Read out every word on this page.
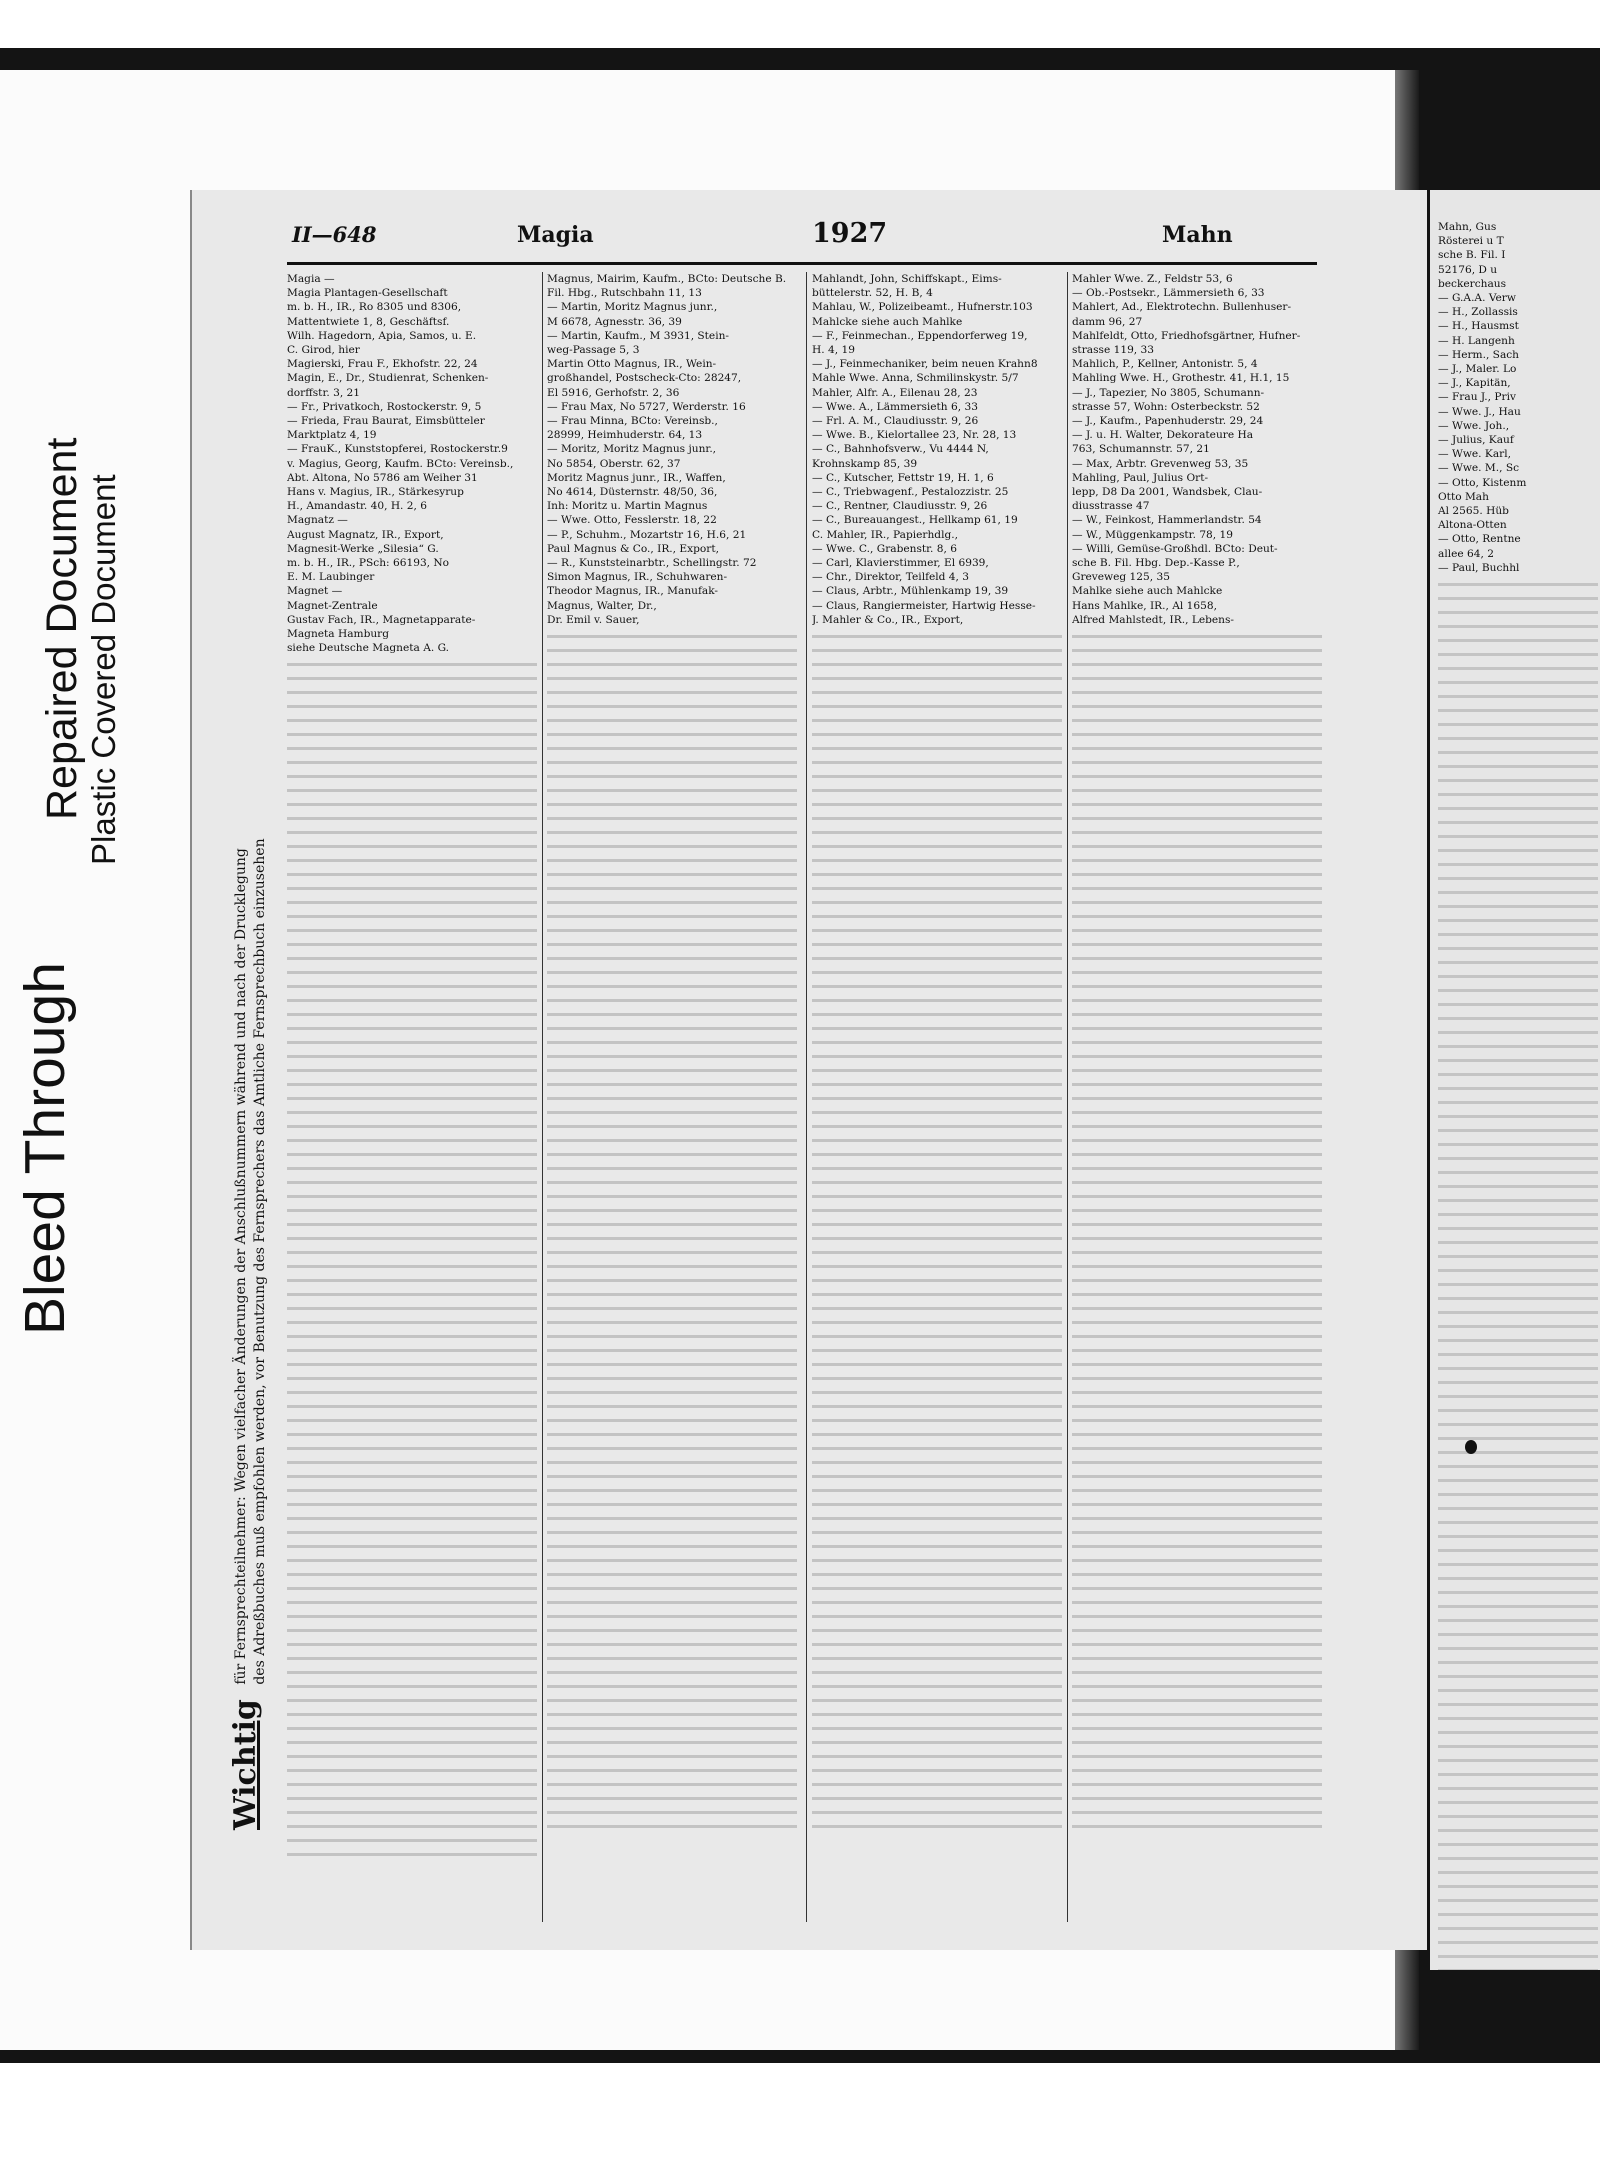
Bleed Through
Repaired Document Plastic Covered Document
II—648	Magia	1927	Mahn
Wichtig
für Fernsprechteilnehmer: Wegen vielfacher Änderungen der Anschlußnummern während und nach der Drucklegung des Adreßbuches muß empfohlen werden, vor Benutzung des Fernsprechers das Amtliche Fernsprechbuch einzusehen
Magia —
Magia Plantagen-Gesellschaft
m. b. H., IR., Ro 8305 und 8306,
Mattentwiete 1, 8, Geschäftsf.
Wilh. Hagedorn, Apia, Samos, u. E.
C. Girod, hier
Magierski, Frau F., Ekhofstr. 22, 24
Magin, E., Dr., Studienrat, Schenken-
dorffstr. 3, 21
— Fr., Privatkoch, Rostockerstr. 9, 5
— Frieda, Frau Baurat, Eimsbütteler
Marktplatz 4, 19
— FrauK., Kunststopferei, Rostockerstr.9
v. Magius, Georg, Kaufm. BCto: Vereinsb.,
Abt. Altona, No 5786 am Weiher 31
Hans v. Magius, IR., Stärkesyrup
H., Amandastr. 40, H. 2, 6
Magnatz —
August Magnatz, IR., Export,
Magnesit-Werke „Silesia“ G.
m. b. H., IR., PSch: 66193, No
E. M. Laubinger
Magnet —
Magnet-Zentrale
Gustav Fach, IR., Magnetapparate-
Magneta Hamburg
siehe Deutsche Magneta A. G.
Magnus, Mairim, Kaufm., BCto: Deutsche B.
Fil. Hbg., Rutschbahn 11, 13
— Martin, Moritz Magnus junr.,
M 6678, Agnesstr. 36, 39
— Martin, Kaufm., M 3931, Stein-
weg-Passage 5, 3
Martin Otto Magnus, IR., Wein-
großhandel, Postscheck-Cto: 28247,
El 5916, Gerhofstr. 2, 36
— Frau Max, No 5727, Werderstr. 16
— Frau Minna, BCto: Vereinsb.,
28999, Heimhuderstr. 64, 13
— Moritz, Moritz Magnus junr.,
No 5854, Oberstr. 62, 37
Moritz Magnus junr., IR., Waffen,
No 4614, Düsternstr. 48/50, 36,
Inh: Moritz u. Martin Magnus
— Wwe. Otto, Fesslerstr. 18, 22
— P., Schuhm., Mozartstr 16, H.6, 21
Paul Magnus & Co., IR., Export,
— R., Kunststeinarbtr., Schellingstr. 72
Simon Magnus, IR., Schuhwaren-
Theodor Magnus, IR., Manufak-
Magnus, Walter, Dr.,
Dr. Emil v. Sauer,
Mahlandt, John, Schiffskapt., Eims-
büttelerstr. 52, H. B, 4
Mahlau, W., Polizeibeamt., Hufnerstr.103
Mahlcke siehe auch Mahlke
— F., Feinmechan., Eppendorferweg 19,
H. 4, 19
— J., Feinmechaniker, beim neuen Krahn8
Mahle Wwe. Anna, Schmilinskystr. 5/7
Mahler, Alfr. A., Eilenau 28, 23
— Wwe. A., Lämmersieth 6, 33
— Frl. A. M., Claudiusstr. 9, 26
— Wwe. B., Kielortallee 23, Nr. 28, 13
— C., Bahnhofsverw., Vu 4444 N,
Krohnskamp 85, 39
— C., Kutscher, Fettstr 19, H. 1, 6
— C., Triebwagenf., Pestalozzistr. 25
— C., Rentner, Claudiusstr. 9, 26
— C., Bureauangest., Hellkamp 61, 19
C. Mahler, IR., Papierhdlg.,
— Wwe. C., Grabenstr. 8, 6
— Carl, Klavierstimmer, El 6939,
— Chr., Direktor, Teilfeld 4, 3
— Claus, Arbtr., Mühlenkamp 19, 39
— Claus, Rangiermeister, Hartwig Hesse-
J. Mahler & Co., IR., Export,
Mahler Wwe. Z., Feldstr 53, 6
— Ob.-Postsekr., Lämmersieth 6, 33
Mahlert, Ad., Elektrotechn. Bullenhuser-
damm 96, 27
Mahlfeldt, Otto, Friedhofsgärtner, Hufner-
strasse 119, 33
Mahlich, P., Kellner, Antonistr. 5, 4
Mahling Wwe. H., Grothestr. 41, H.1, 15
— J., Tapezier, No 3805, Schumann-
strasse 57, Wohn: Osterbeckstr. 52
— J., Kaufm., Papenhuderstr. 29, 24
— J. u. H. Walter, Dekorateure Ha
763, Schumannstr. 57, 21
— Max, Arbtr. Grevenweg 53, 35
Mahling, Paul, Julius Ort-
lepp, D8 Da 2001, Wandsbek, Clau-
diusstrasse 47
— W., Feinkost, Hammerlandstr. 54
— W., Müggenkampstr. 78, 19
— Willi, Gemüse-Großhdl. BCto: Deut-
sche B. Fil. Hbg. Dep.-Kasse P.,
Greveweg 125, 35
Mahlke siehe auch Mahlcke
Hans Mahlke, IR., Al 1658,
Alfred Mahlstedt, IR., Lebens-
Mahn, Gus
Rösterei u T
sche B. Fil. I
52176, D u
beckerchaus
— G.A.A. Verw
— H., Zollassis
— H., Hausmst
— H. Langenh
— Herm., Sach
— J., Maler. Lo
— J., Kapitän,
— Frau J., Priv
— Wwe. J., Hau
— Wwe. Joh.,
— Julius, Kauf
— Wwe. Karl,
— Wwe. M., Sc
— Otto, Kistenm
Otto Mah
Al 2565. Hüb
Altona-Otten
— Otto, Rentne
allee 64, 2
— Paul, Buchhl
